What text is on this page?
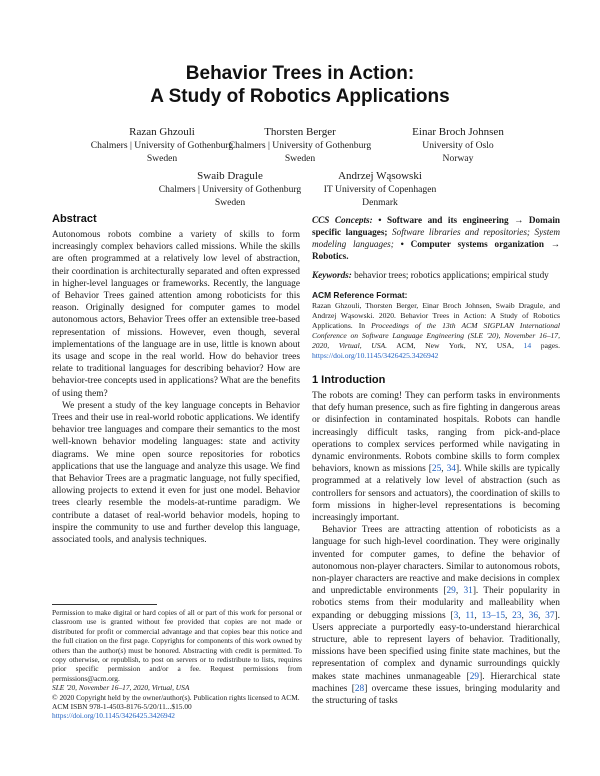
Behavior Trees in Action:
A Study of Robotics Applications
Razan Ghzouli
Chalmers | University of Gothenburg
Sweden
Thorsten Berger
Chalmers | University of Gothenburg
Sweden
Einar Broch Johnsen
University of Oslo
Norway
Swaib Dragule
Chalmers | University of Gothenburg
Sweden
Andrzej Wąsowski
IT University of Copenhagen
Denmark
Abstract

Autonomous robots combine a variety of skills to form increasingly complex behaviors called missions. While the skills are often programmed at a relatively low level of abstraction, their coordination is architecturally separated and often expressed in higher-level languages or frameworks. Recently, the language of Behavior Trees gained attention among roboticists for this reason. Originally designed for computer games to model autonomous actors, Behavior Trees offer an extensible tree-based representation of missions. However, even though, several implementations of the language are in use, little is known about its usage and scope in the real world. How do behavior trees relate to traditional languages for describing behavior? How are behavior-tree concepts used in applications? What are the benefits of using them?

We present a study of the key language concepts in Behavior Trees and their use in real-world robotic applications. We identify behavior tree languages and compare their semantics to the most well-known behavior modeling languages: state and activity diagrams. We mine open source repositories for robotics applications that use the language and analyze this usage. We find that Behavior Trees are a pragmatic language, not fully specified, allowing projects to extend it even for just one model. Behavior trees clearly resemble the models-at-runtime paradigm. We contribute a dataset of real-world behavior models, hoping to inspire the community to use and further develop this language, associated tools, and analysis techniques.

Permission to make digital or hard copies of all or part of this work for personal or classroom use is granted without fee provided that copies are not made or distributed for profit or commercial advantage and that copies bear this notice and the full citation on the first page. Copyrights for components of this work owned by others than the author(s) must be honored. Abstracting with credit is permitted. To copy otherwise, or republish, to post on servers or to redistribute to lists, requires prior specific permission and/or a fee. Request permissions from permissions@acm.org.

SLE '20, November 16–17, 2020, Virtual, USA

© 2020 Copyright held by the owner/author(s). Publication rights licensed to ACM.

ACM ISBN 978-1-4503-8176-5/20/11...$15.00

https://doi.org/10.1145/3426425.3426942

CCS Concepts: • Software and its engineering → Domain specific languages; Software libraries and repositories; System modeling languages; • Computer systems organization → Robotics.

Keywords: behavior trees; robotics applications; empirical study

ACM Reference Format:

Razan Ghzouli, Thorsten Berger, Einar Broch Johnsen, Swaib Dragule, and Andrzej Wąsowski. 2020. Behavior Trees in Action: A Study of Robotics Applications. In Proceedings of the 13th ACM SIGPLAN International Conference on Software Language Engineering (SLE '20), November 16–17, 2020, Virtual, USA. ACM, New York, NY, USA, 14 pages. https://doi.org/10.1145/3426425.3426942

1 Introduction

The robots are coming! They can perform tasks in environments that defy human presence, such as fire fighting in dangerous areas or disinfection in contaminated hospitals. Robots can handle increasingly difficult tasks, ranging from pick-and-place operations to complex services performed while navigating in dynamic environments. Robots combine skills to form complex behaviors, known as missions [25, 34]. While skills are typically programmed at a relatively low level of abstraction (such as controllers for sensors and actuators), the coordination of skills to form missions in higher-level representations is becoming increasingly important.

Behavior Trees are attracting attention of roboticists as a language for such high-level coordination. They were originally invented for computer games, to define the behavior of autonomous non-player characters. Similar to autonomous robots, non-player characters are reactive and make decisions in complex and unpredictable environments [29, 31]. Their popularity in robotics stems from their modularity and malleability when expanding or debugging missions [3, 11, 13–15, 23, 36, 37]. Users appreciate a purportedly easy-to-understand hierarchical structure, able to represent layers of behavior. Traditionally, missions have been specified using finite state machines, but the representation of complex and dynamic surroundings quickly makes state machines unmanageable [29]. Hierarchical state machines [28] overcame these issues, bringing modularity and the structuring of tasks
